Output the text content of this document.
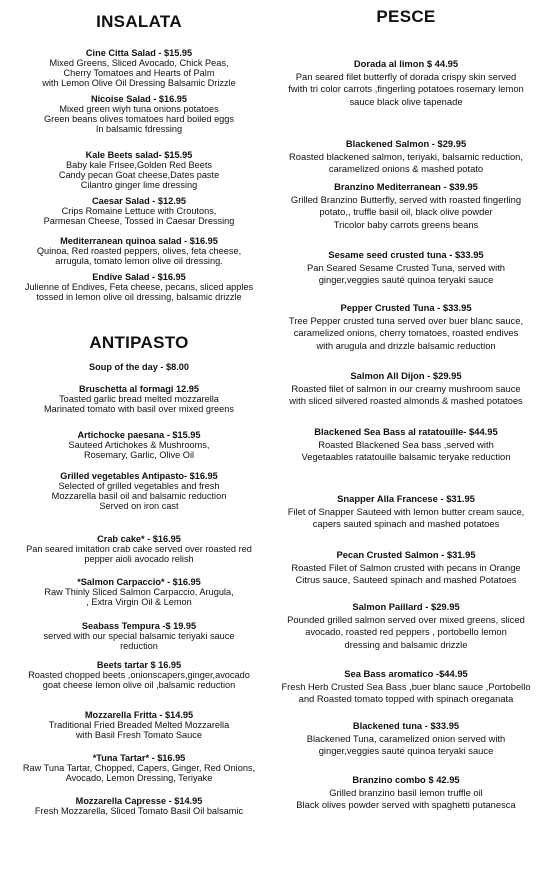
INSALATA
Cine Citta Salad - $15.95
Mixed Greens, Sliced Avocado, Chick Peas,
Cherry Tomatoes and Hearts of Palm
with Lemon Olive Oil Dressing Balsamic Drizzle
Nicoise Salad - $16.95
Mixed green wiyh tuna onions potatoes
Green beans olives tomatoes hard boiled eggs
In balsamic fdressing
Kale Beets salad- $15.95
Baby kale Frisee,Golden Red Beets
Candy pecan Goat cheese,Dates paste
Cilantro ginger lime dressing
Caesar Salad - $12.95
Crips Romaine Lettuce with Croutons,
Parmesan Cheese, Tossed in Caesar Dressing
Mediterranean quinoa salad - $16.95
Quinoa, Red roasted peppers, olives, feta cheese,
arrugula, tomato lemon olive oil dressing.
Endive Salad - $16.95
Julienne of Endives, Feta cheese, pecans, sliced apples
tossed in lemon olive oil dressing, balsamic drizzle
ANTIPASTO
Soup of the day - $8.00
Bruschetta al formagi 12.95
Toasted garlic bread melted mozzarella
Marinated tomato with basil over mixed greens
Artichocke paesana - $15.95
Sauteed Artichokes & Mushrooms,
Rosemary, Garlic, Olive Oil
Grilled vegetables Antipasto- $16.95
Selected of grilled vegetables and fresh
Mozzarella basil oil and balsamic reduction
Served on iron cast
Crab cake* - $16.95
Pan seared imitation crab cake served over roasted red
pepper aioli avocado relish
*Salmon Carpaccio* - $16.95
Raw Thinly Sliced Salmon Carpaccio, Arugula,
, Extra Virgin Oil & Lemon
Seabass Tempura -$ 19.95
served with our special balsamic teriyaki sauce
reduction
Beets tartar $ 16.95
Roasted chopped beets ,onionscapers,ginger,avocado
goat cheese lemon olive oil ,balsamic reduction
Mozzarella Fritta - $14.95
Traditional Fried Breaded Melted Mozzarella
with Basil Fresh Tomato Sauce
*Tuna Tartar* - $16.95
Raw Tuna Tartar, Chopped, Capers, Ginger, Red Onions,
Avocado, Lemon Dressing, Teriyake
Mozzarella Capresse - $14.95
Fresh Mozzarella, Sliced Tomato Basil Oil balsamic
PESCE
Dorada al limon $ 44.95
Pan seared filet butterfly of dorada crispy skin served
fwith tri color carrots ,fingerling potatoes rosemary lemon
sauce black olive tapenade
Blackened Salmon - $29.95
Roasted blackened salmon, teriyaki, balsamic reduction,
caramelized onions & mashed potato
Branzino Mediterranean - $39.95
Grilled Branzino Butterfly, served with roasted fingerling
potato,, truffle basil oil, black olive powder
Tricolor baby carrots greens beans
Sesame seed crusted tuna - $33.95
Pan Seared Sesame Crusted Tuna, served with
ginger,veggies sauté quinoa teryaki sauce
Pepper Crusted Tuna - $33.95
Tree Pepper crusted tuna served over buer blanc sauce,
caramelized onions, cherry tomatoes, roasted endives
with arugula and drizzle balsamic reduction
Salmon All Dijon - $29.95
Roasted filet of salmon in our creamy mushroom sauce
with sliced silvered roasted almonds & mashed potatoes
Blackened Sea Bass al ratatouille- $44.95
Roasted Blackened Sea bass ,served with
Vegetaables ratatouille balsamic teryake reduction
Snapper Alla Francese - $31.95
Filet of Snapper Sauteed with lemon butter cream sauce,
capers sauted spinach and mashed potatoes
Pecan Crusted Salmon - $31.95
Roasted Filet of Salmon crusted with pecans in Orange
Citrus sauce, Sauteed spinach and mashed Potatoes
Salmon Paillard - $29.95
Pounded grilled salmon served over mixed greens, sliced
avocado, roasted red peppers , portobello lemon
dressing and balsamic drizzle
Sea Bass aromatico -$44.95
Fresh Herb Crusted Sea Bass ,buer blanc sauce ,Portobello
and Roasted tomato topped with spinach oreganata
Blackened tuna - $33.95
Blackened Tuna, caramelized onion served with
ginger,veggies sauté quinoa teryaki sauce
Branzino combo $ 42.95
Grilled branzino basil lemon truffle oil
Black olives powder served with spaghetti putanesca
